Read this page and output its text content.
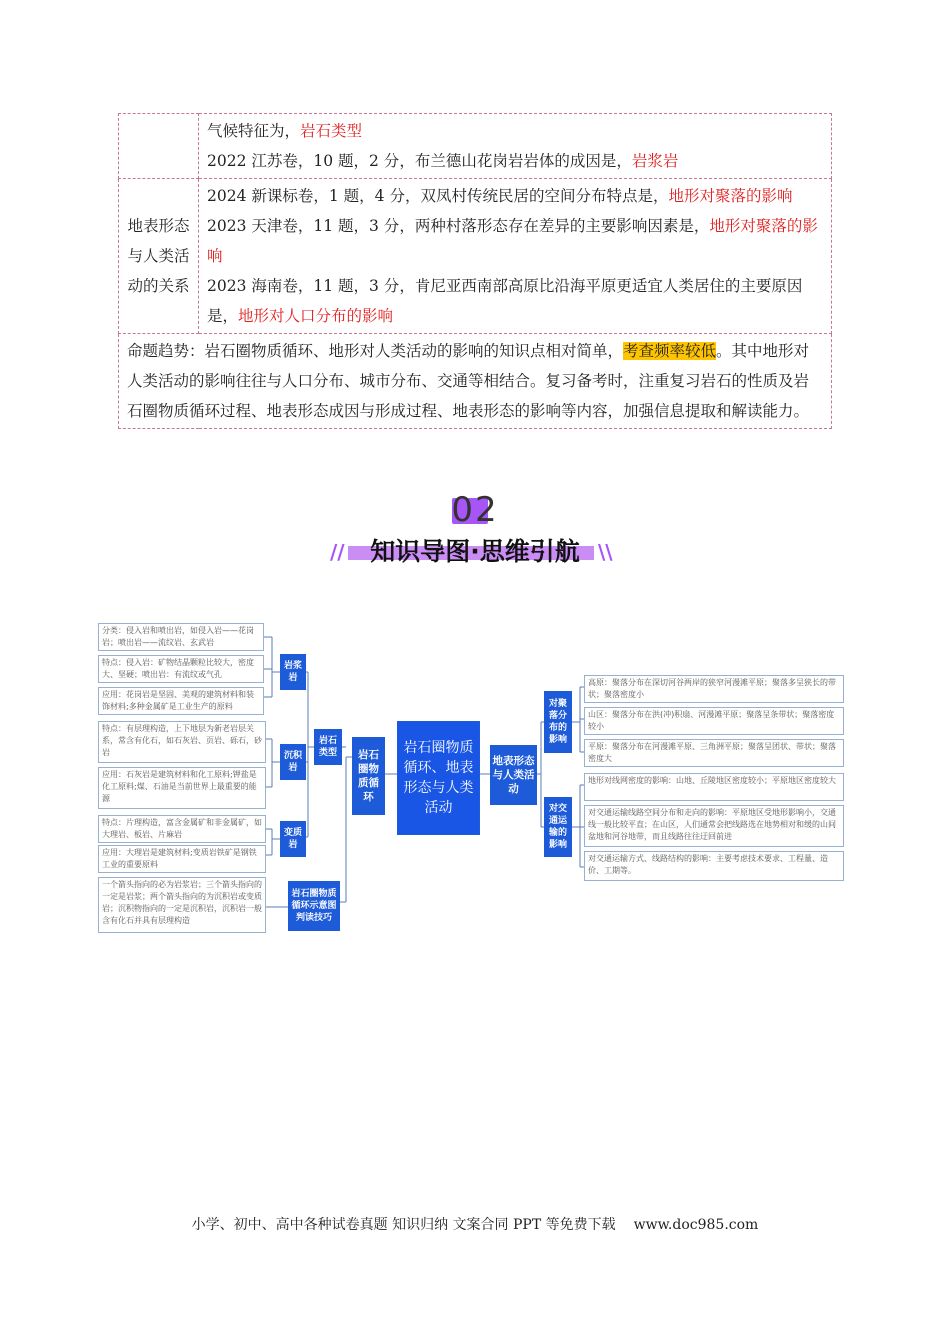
	气候特征为，岩石类型
2022 江苏卷，10 题，2 分，布兰德山花岗岩岩体的成因是，岩浆岩

地表形态与人类活动的关系	2024 新课标卷，1 题，4 分，双凤村传统民居的空间分布特点是，地形对聚落的影响
2023 天津卷，11 题，3 分，两种村落形态存在差异的主要影响因素是，地形对聚落的影响
2023 海南卷，11 题，3 分，肯尼亚西南部高原比沿海平原更适宜人类居住的主要原因是，地形对人口分布的影响

命题趋势：岩石圈物质循环、地形对人类活动的影响的知识点相对简单，考查频率较低。其中地形对人类活动的影响往往与人口分布、城市分布、交通等相结合。复习备考时，注重复习岩石的性质及岩石圈物质循环过程、地表形态成因与形成过程、地表形态的影响等内容，加强信息提取和解读能力。	
02
//	\\
知识导图·思维引航
分类：侵入岩和喷出岩，如侵入岩——花岗岩；喷出岩——流纹岩、玄武岩
特点：侵入岩：矿物结晶颗粒比较大，密度大、坚硬；喷出岩：有流纹或气孔
应用：花岗岩是坚固、美观的建筑材料和装饰材料;多种金属矿是工业生产的原料
特点：有层理构造，上下地层为新老岩层关系，常含有化石，如石灰岩、页岩、砾石，砂岩
应用：石灰岩是建筑材料和化工原料;钾盐是化工原料;煤、石油是当前世界上最重要的能源
特点：片理构造，富含金属矿和非金属矿，如大理岩、板岩、片麻岩
应用：大理岩是建筑材料;变质岩铁矿是钢铁工业的重要原料
一个箭头指向的必为岩浆岩；三个箭头指向的一定是岩浆；两个箭头指向的为沉积岩或变质岩；沉积物指向的一定是沉积岩，沉积岩一般含有化石并具有层理构造
岩浆岩
沉积岩
变质岩
岩石圈物质循环示意图判读技巧
岩石类型	岩石圈物质循环
岩石圈物质循环、地表形态与人类活动
地表形态与人类活动
对聚落分布的影响
对交通运输的影响
高原：聚落分布在深切河谷两岸的狭窄河漫滩平原；聚落多呈狭长的带状；聚落密度小
山区：聚落分布在洪(冲)积扇、河漫滩平原；聚落呈条带状；聚落密度较小
平原：聚落分布在河漫滩平原、三角洲平原；聚落呈团状、带状；聚落密度大
地形对线网密度的影响：山地、丘陵地区密度较小；平原地区密度较大
对交通运输线路空间分布和走向的影响：平原地区受地形影响小，交通线一般比较平直；在山区，人们通常会把线路选在地势相对和缓的山间盆地和河谷地带，而且线路往往迂回前进
对交通运输方式、线路结构的影响：主要考虑技术要求、工程量、造价、工期等。
小学、初中、高中各种试卷真题 知识归纳 文案合同 PPT 等免费下载 www.doc985.com
